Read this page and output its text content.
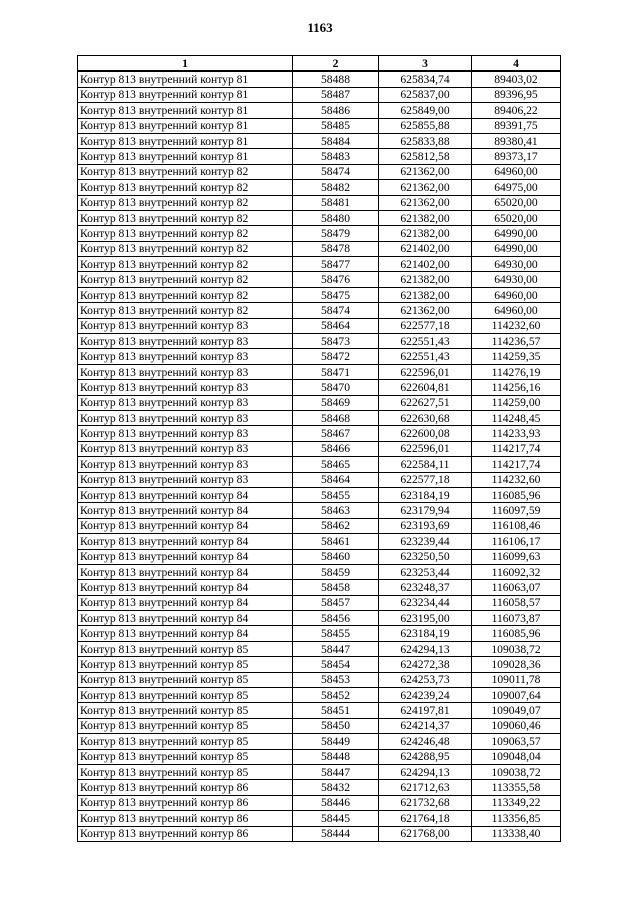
1163
1	2	3	4
Контур 813 внутренний контур 81	58488	625834,74	89403,02
Контур 813 внутренний контур 81	58487	625837,00	89396,95
Контур 813 внутренний контур 81	58486	625849,00	89406,22
Контур 813 внутренний контур 81	58485	625855,88	89391,75
Контур 813 внутренний контур 81	58484	625833,88	89380,41
Контур 813 внутренний контур 81	58483	625812,58	89373,17
Контур 813 внутренний контур 82	58474	621362,00	64960,00
Контур 813 внутренний контур 82	58482	621362,00	64975,00
Контур 813 внутренний контур 82	58481	621362,00	65020,00
Контур 813 внутренний контур 82	58480	621382,00	65020,00
Контур 813 внутренний контур 82	58479	621382,00	64990,00
Контур 813 внутренний контур 82	58478	621402,00	64990,00
Контур 813 внутренний контур 82	58477	621402,00	64930,00
Контур 813 внутренний контур 82	58476	621382,00	64930,00
Контур 813 внутренний контур 82	58475	621382,00	64960,00
Контур 813 внутренний контур 82	58474	621362,00	64960,00
Контур 813 внутренний контур 83	58464	622577,18	114232,60
Контур 813 внутренний контур 83	58473	622551,43	114236,57
Контур 813 внутренний контур 83	58472	622551,43	114259,35
Контур 813 внутренний контур 83	58471	622596,01	114276,19
Контур 813 внутренний контур 83	58470	622604,81	114256,16
Контур 813 внутренний контур 83	58469	622627,51	114259,00
Контур 813 внутренний контур 83	58468	622630,68	114248,45
Контур 813 внутренний контур 83	58467	622600,08	114233,93
Контур 813 внутренний контур 83	58466	622596,01	114217,74
Контур 813 внутренний контур 83	58465	622584,11	114217,74
Контур 813 внутренний контур 83	58464	622577,18	114232,60
Контур 813 внутренний контур 84	58455	623184,19	116085,96
Контур 813 внутренний контур 84	58463	623179,94	116097,59
Контур 813 внутренний контур 84	58462	623193,69	116108,46
Контур 813 внутренний контур 84	58461	623239,44	116106,17
Контур 813 внутренний контур 84	58460	623250,50	116099,63
Контур 813 внутренний контур 84	58459	623253,44	116092,32
Контур 813 внутренний контур 84	58458	623248,37	116063,07
Контур 813 внутренний контур 84	58457	623234,44	116058,57
Контур 813 внутренний контур 84	58456	623195,00	116073,87
Контур 813 внутренний контур 84	58455	623184,19	116085,96
Контур 813 внутренний контур 85	58447	624294,13	109038,72
Контур 813 внутренний контур 85	58454	624272,38	109028,36
Контур 813 внутренний контур 85	58453	624253,73	109011,78
Контур 813 внутренний контур 85	58452	624239,24	109007,64
Контур 813 внутренний контур 85	58451	624197,81	109049,07
Контур 813 внутренний контур 85	58450	624214,37	109060,46
Контур 813 внутренний контур 85	58449	624246,48	109063,57
Контур 813 внутренний контур 85	58448	624288,95	109048,04
Контур 813 внутренний контур 85	58447	624294,13	109038,72
Контур 813 внутренний контур 86	58432	621712,63	113355,58
Контур 813 внутренний контур 86	58446	621732,68	113349,22
Контур 813 внутренний контур 86	58445	621764,18	113356,85
Контур 813 внутренний контур 86	58444	621768,00	113338,40
